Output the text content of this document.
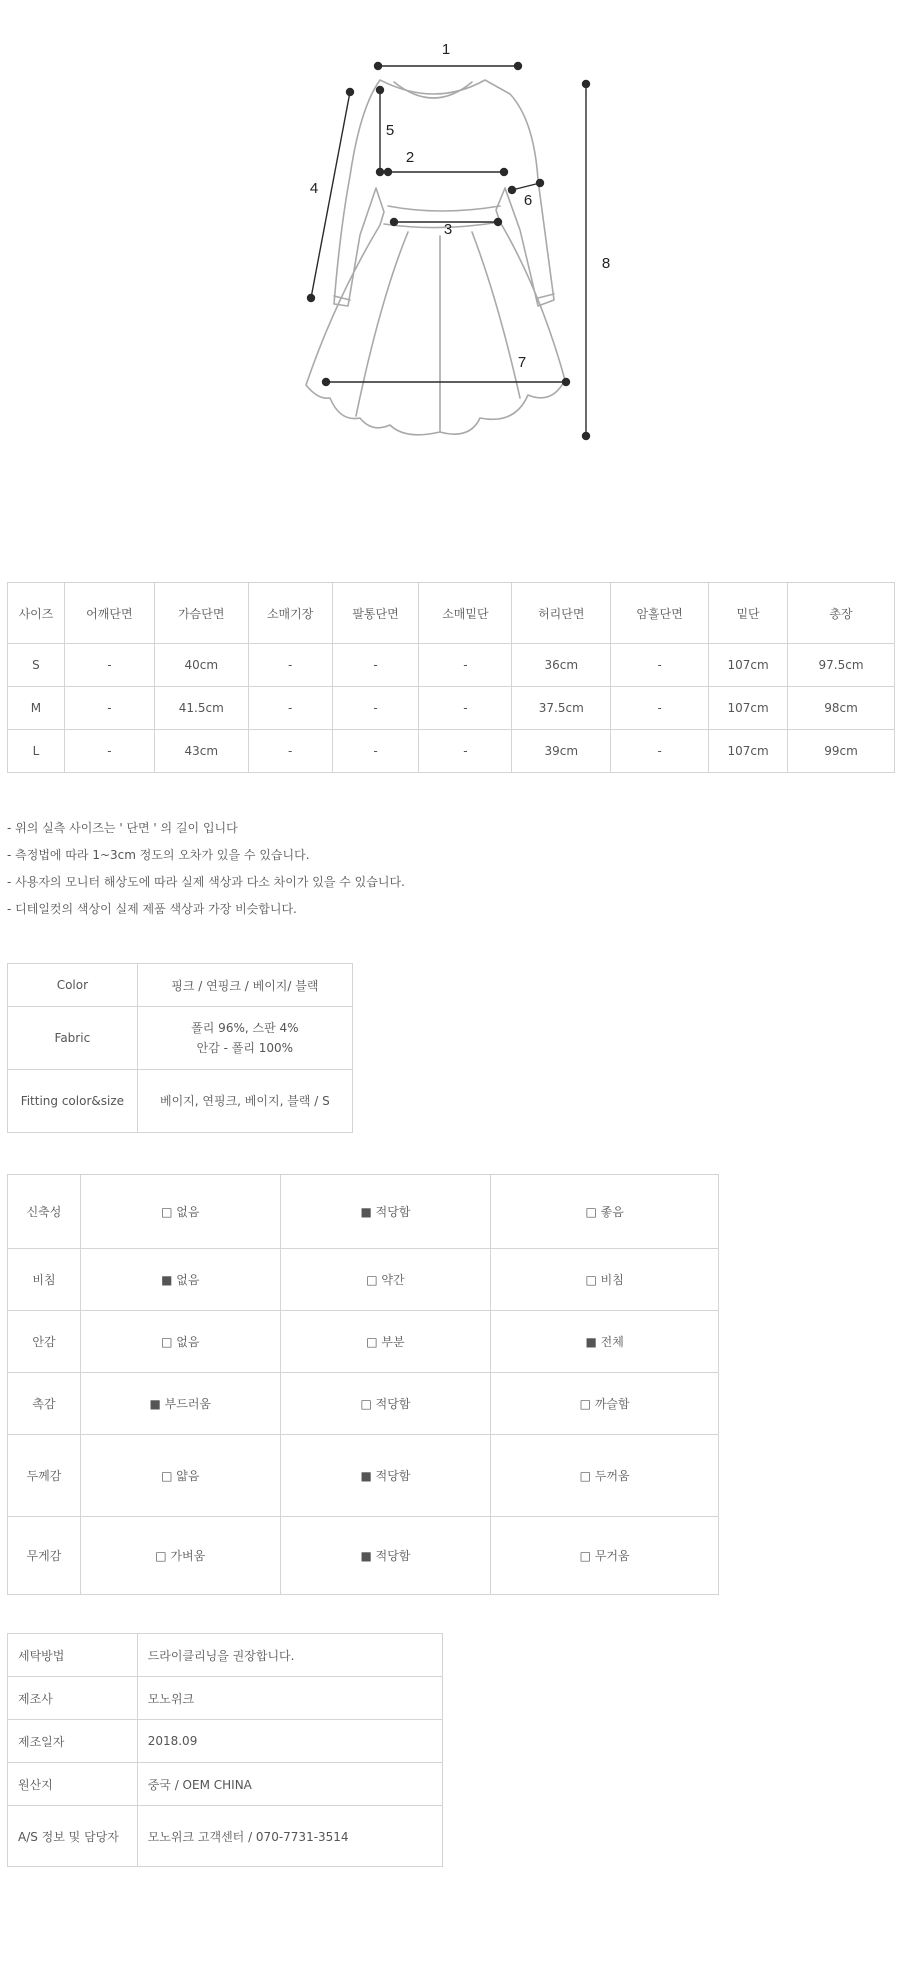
1
2
3
4
5
6
7
8
사이즈	어깨단면	가슴단면	소매기장	팔통단면	소매밑단	허리단면	암홀단면	밑단	총장
S	-	40cm	-	-	-	36cm	-	107cm	97.5cm
M	-	41.5cm	-	-	-	37.5cm	-	107cm	98cm
L	-	43cm	-	-	-	39cm	-	107cm	99cm
- 위의 실측 사이즈는 ' 단면 ' 의 길이 입니다
- 측정법에 따라 1~3cm 정도의 오차가 있을 수 있습니다.
- 사용자의 모니터 해상도에 따라 실제 색상과 다소 차이가 있을 수 있습니다.
- 디테일컷의 색상이 실제 제품 색상과 가장 비슷합니다.
Color	핑크 / 연핑크 / 베이지/ 블랙
Fabric	폴리 96%, 스판 4%
안감 - 폴리 100%

Fitting color&size	베이지, 연핑크, 베이지, 블랙 / S
신축성	□ 없음	■ 적당함	□ 좋음
비침	■ 없음	□ 약간	□ 비침
안감	□ 없음	□ 부분	■ 전체
촉감	■ 부드러움	□ 적당함	□ 까슬함
두께감	□ 얇음	■ 적당함	□ 두꺼움
무게감	□ 가벼움	■ 적당함	□ 무거움
세탁방법	드라이클리닝을 권장합니다.
제조사	모노위크
제조일자	2018.09
원산지	중국 / OEM CHINA
A/S 정보 및 담당자	모노위크 고객센터 / 070-7731-3514
